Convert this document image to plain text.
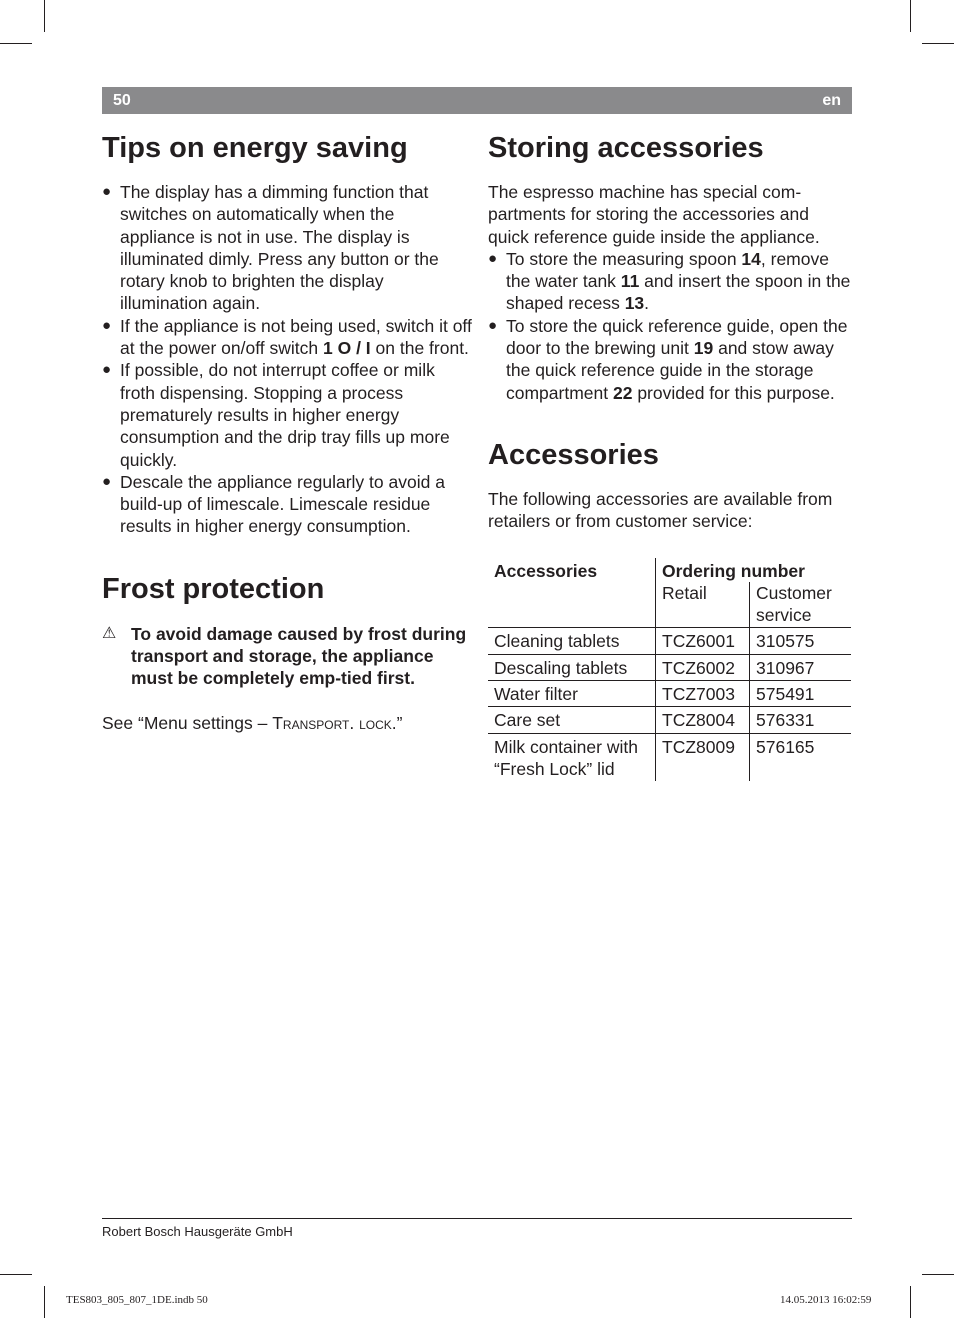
50	en
Tips on energy saving
● The display has a dimming function that switches on automatically when the appliance is not in use. The display is illuminated dimly. Press any button or the rotary knob to brighten the display illumination again.
● If the appliance is not being used, switch it off at the power on/off switch 1 O / I on the front.
● If possible, do not interrupt coffee or milk froth dispensing. Stopping a process prematurely results in higher energy consumption and the drip tray fills up more quickly.
● Descale the appliance regularly to avoid a build-up of limescale. Limescale residue results in higher energy consumption.
Frost protection
⚠ To avoid damage caused by frost during transport and storage, the appliance must be completely emp-tied first.

See “Menu settings – Transport. lock.”

Storing accessories

The espresso machine has special com-partments for storing the accessories and quick reference guide inside the appliance.

● To store the measuring spoon 14, remove the water tank 11 and insert the spoon in the shaped recess 13.
● To store the quick reference guide, open the door to the brewing unit 19 and stow away the quick reference guide in the storage compartment 22 provided for this purpose.
Accessories

The following accessories are available from retailers or from customer service:

Accessories	Ordering number	
	Retail	Customer service
Cleaning tablets	TCZ6001	310575
Descaling tablets	TCZ6002	310967
Water filter	TCZ7003	575491
Care set	TCZ8004	576331
Milk container with “Fresh Lock” lid	TCZ8009	576165
Robert Bosch Hausgeräte GmbH
TES803_805_807_1DE.indb 50	14.05.2013 16:02:59
